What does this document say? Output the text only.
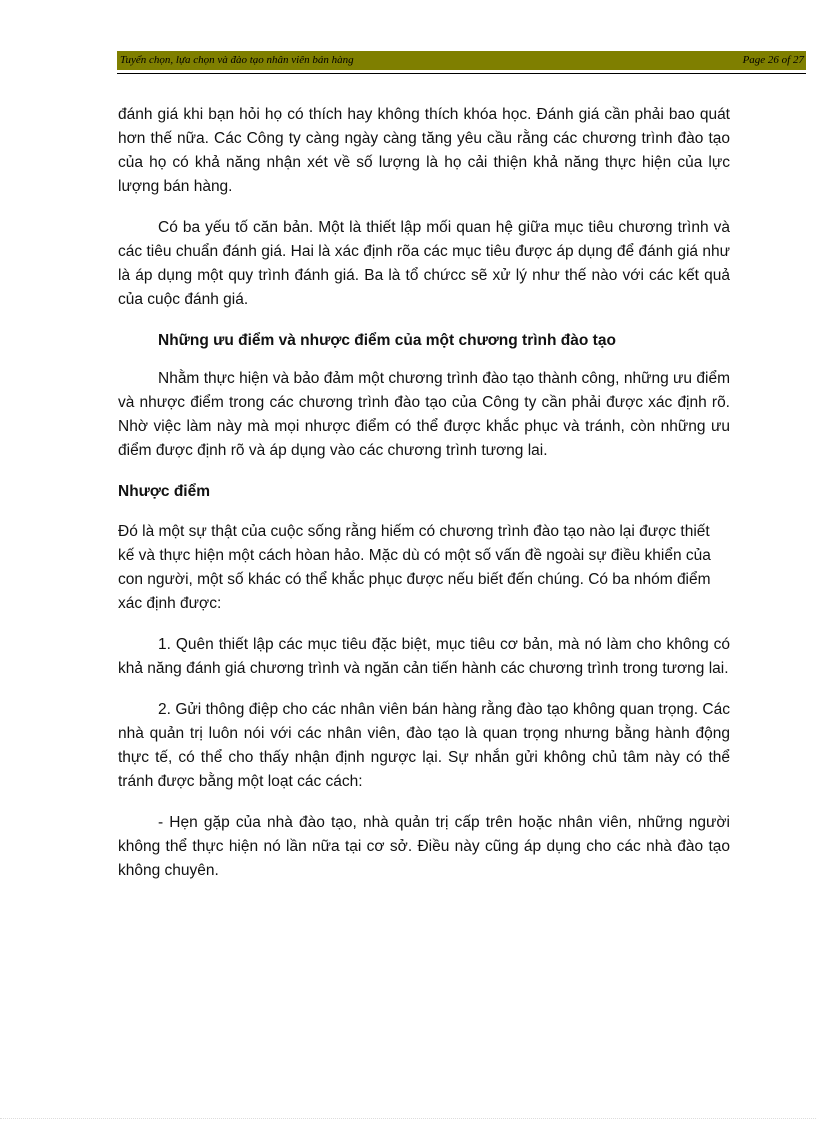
Tuyển chọn, lựa chọn và đào tạo nhân viên bán hàng	Page 26 of 27

đánh giá khi bạn hỏi họ có thích hay không thích khóa học. Đánh giá cần phải bao quát hơn thế nữa. Các Công ty càng ngày càng tăng yêu cầu rằng các chương trình đào tạo của họ có khả năng nhận xét về số lượng là họ cải thiện khả năng thực hiện của lực lượng bán hàng.

Có ba yếu tố căn bản. Một là thiết lập mối quan hệ giữa mục tiêu chương trình và các tiêu chuẩn đánh giá. Hai là xác định rõa các mục tiêu được áp dụng để đánh giá như là áp dụng một quy trình đánh giá. Ba là tổ chứcc sẽ xử lý như thế nào với các kết quả của cuộc đánh giá.

Những ưu điểm và nhược điểm của một chương trình đào tạo

Nhằm thực hiện và bảo đảm một chương trình đào tạo thành công, những ưu điểm và nhược điểm trong các chương trình đào tạo của Công ty cần phải được xác định rõ. Nhờ việc làm này mà mọi nhược điểm có thể được khắc phục và tránh, còn những ưu điểm được định rõ và áp dụng vào các chương trình tương lai.

Nhược điểm

Đó là một sự thật của cuộc sống rằng hiếm có chương trình đào tạo nào lại được thiết kế và thực hiện một cách hòan hảo. Mặc dù có một số vấn đề ngoài sự điều khiển của con người, một số khác có thể khắc phục được nếu biết đến chúng. Có ba nhóm điểm xác định được:

1. Quên thiết lập các mục tiêu đặc biệt, mục tiêu cơ bản, mà nó làm cho không có khả năng đánh giá chương trình và ngăn cản tiến hành các chương trình trong tương lai.

2. Gửi thông điệp cho các nhân viên bán hàng rằng đào tạo không quan trọng. Các nhà quản trị luôn nói với các nhân viên, đào tạo là quan trọng nhưng bằng hành động thực tế, có thể cho thấy nhận định ngược lại. Sự nhắn gửi không chủ tâm này có thể tránh được bằng một loạt các cách:

- Hẹn gặp của nhà đào tạo, nhà quản trị cấp trên hoặc nhân viên, những người không thể thực hiện nó lần nữa tại cơ sở. Điều này cũng áp dụng cho các nhà đào tạo không chuyên.
